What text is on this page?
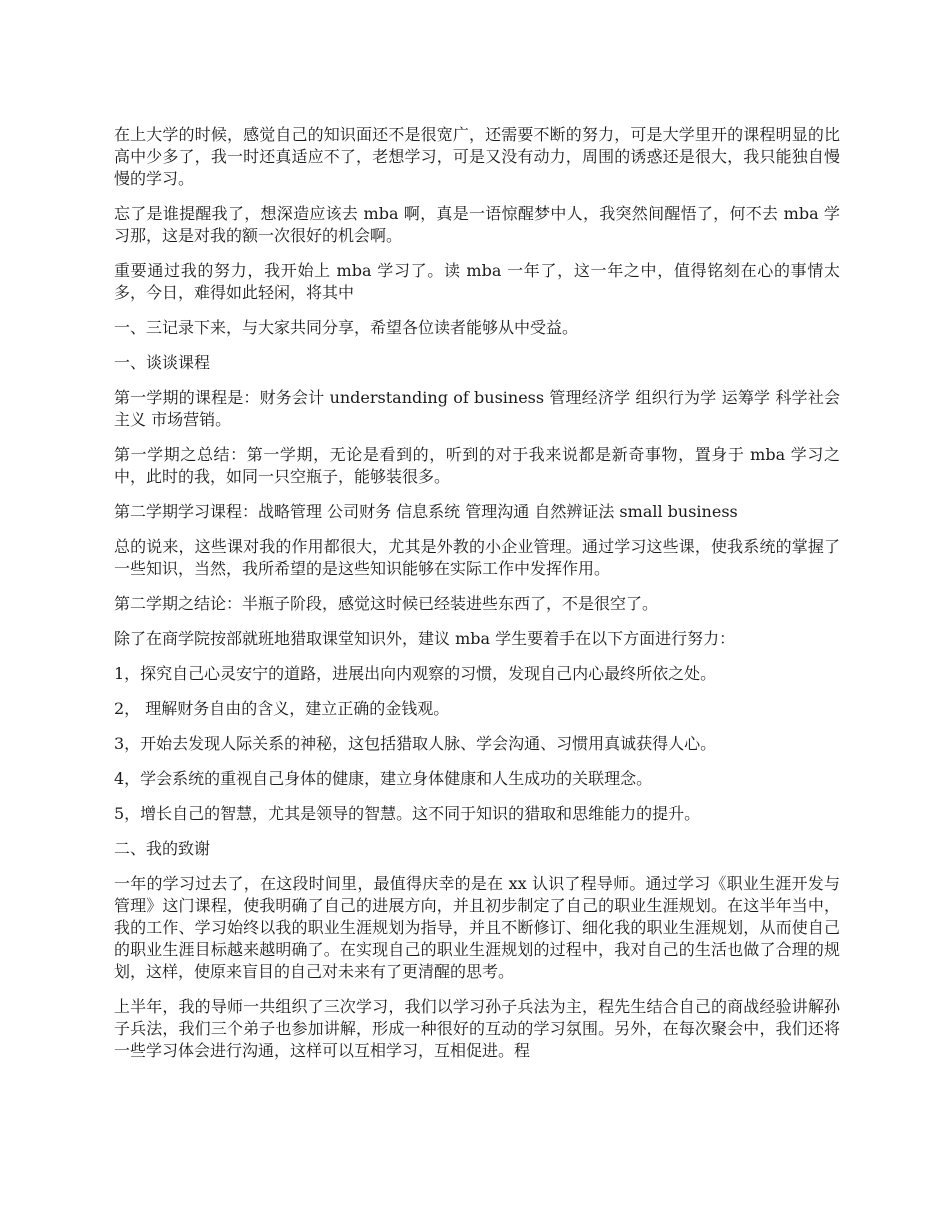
在上大学的时候，感觉自己的知识面还不是很宽广，还需要不断的努力，可是大学里开的课程明显的比高中少多了，我一时还真适应不了，老想学习，可是又没有动力，周围的诱惑还是很大，我只能独自慢慢的学习。

忘了是谁提醒我了，想深造应该去 mba 啊，真是一语惊醒梦中人，我突然间醒悟了，何不去 mba 学习那，这是对我的额一次很好的机会啊。

重要通过我的努力，我开始上 mba 学习了。读 mba 一年了，这一年之中，值得铭刻在心的事情太多，今日，难得如此轻闲，将其中

一、三记录下来，与大家共同分享，希望各位读者能够从中受益。

一、谈谈课程

第一学期的课程是：财务会计 understanding of business 管理经济学 组织行为学 运筹学 科学社会主义 市场营销。

第一学期之总结：第一学期，无论是看到的，听到的对于我来说都是新奇事物，置身于 mba 学习之中，此时的我，如同一只空瓶子，能够装很多。

第二学期学习课程：战略管理 公司财务 信息系统 管理沟通 自然辨证法 small business

总的说来，这些课对我的作用都很大，尤其是外教的小企业管理。通过学习这些课，使我系统的掌握了一些知识，当然，我所希望的是这些知识能够在实际工作中发挥作用。

第二学期之结论：半瓶子阶段，感觉这时候已经装进些东西了，不是很空了。

除了在商学院按部就班地猎取课堂知识外，建议 mba 学生要着手在以下方面进行努力：

1，探究自己心灵安宁的道路，进展出向内观察的习惯，发现自己内心最终所依之处。

2， 理解财务自由的含义，建立正确的金钱观。

3，开始去发现人际关系的神秘，这包括猎取人脉、学会沟通、习惯用真诚获得人心。

4，学会系统的重视自己身体的健康，建立身体健康和人生成功的关联理念。

5，增长自己的智慧，尤其是领导的智慧。这不同于知识的猎取和思维能力的提升。

二、我的致谢

一年的学习过去了，在这段时间里，最值得庆幸的是在 xx 认识了程导师。通过学习《职业生涯开发与管理》这门课程，使我明确了自己的进展方向，并且初步制定了自己的职业生涯规划。在这半年当中，我的工作、学习始终以我的职业生涯规划为指导，并且不断修订、细化我的职业生涯规划，从而使自己的职业生涯目标越来越明确了。在实现自己的职业生涯规划的过程中，我对自己的生活也做了合理的规划，这样，使原来盲目的自己对未来有了更清醒的思考。

上半年，我的导师一共组织了三次学习，我们以学习孙子兵法为主，程先生结合自己的商战经验讲解孙子兵法，我们三个弟子也参加讲解，形成一种很好的互动的学习氛围。另外，在每次聚会中，我们还将一些学习体会进行沟通，这样可以互相学习，互相促进。程
